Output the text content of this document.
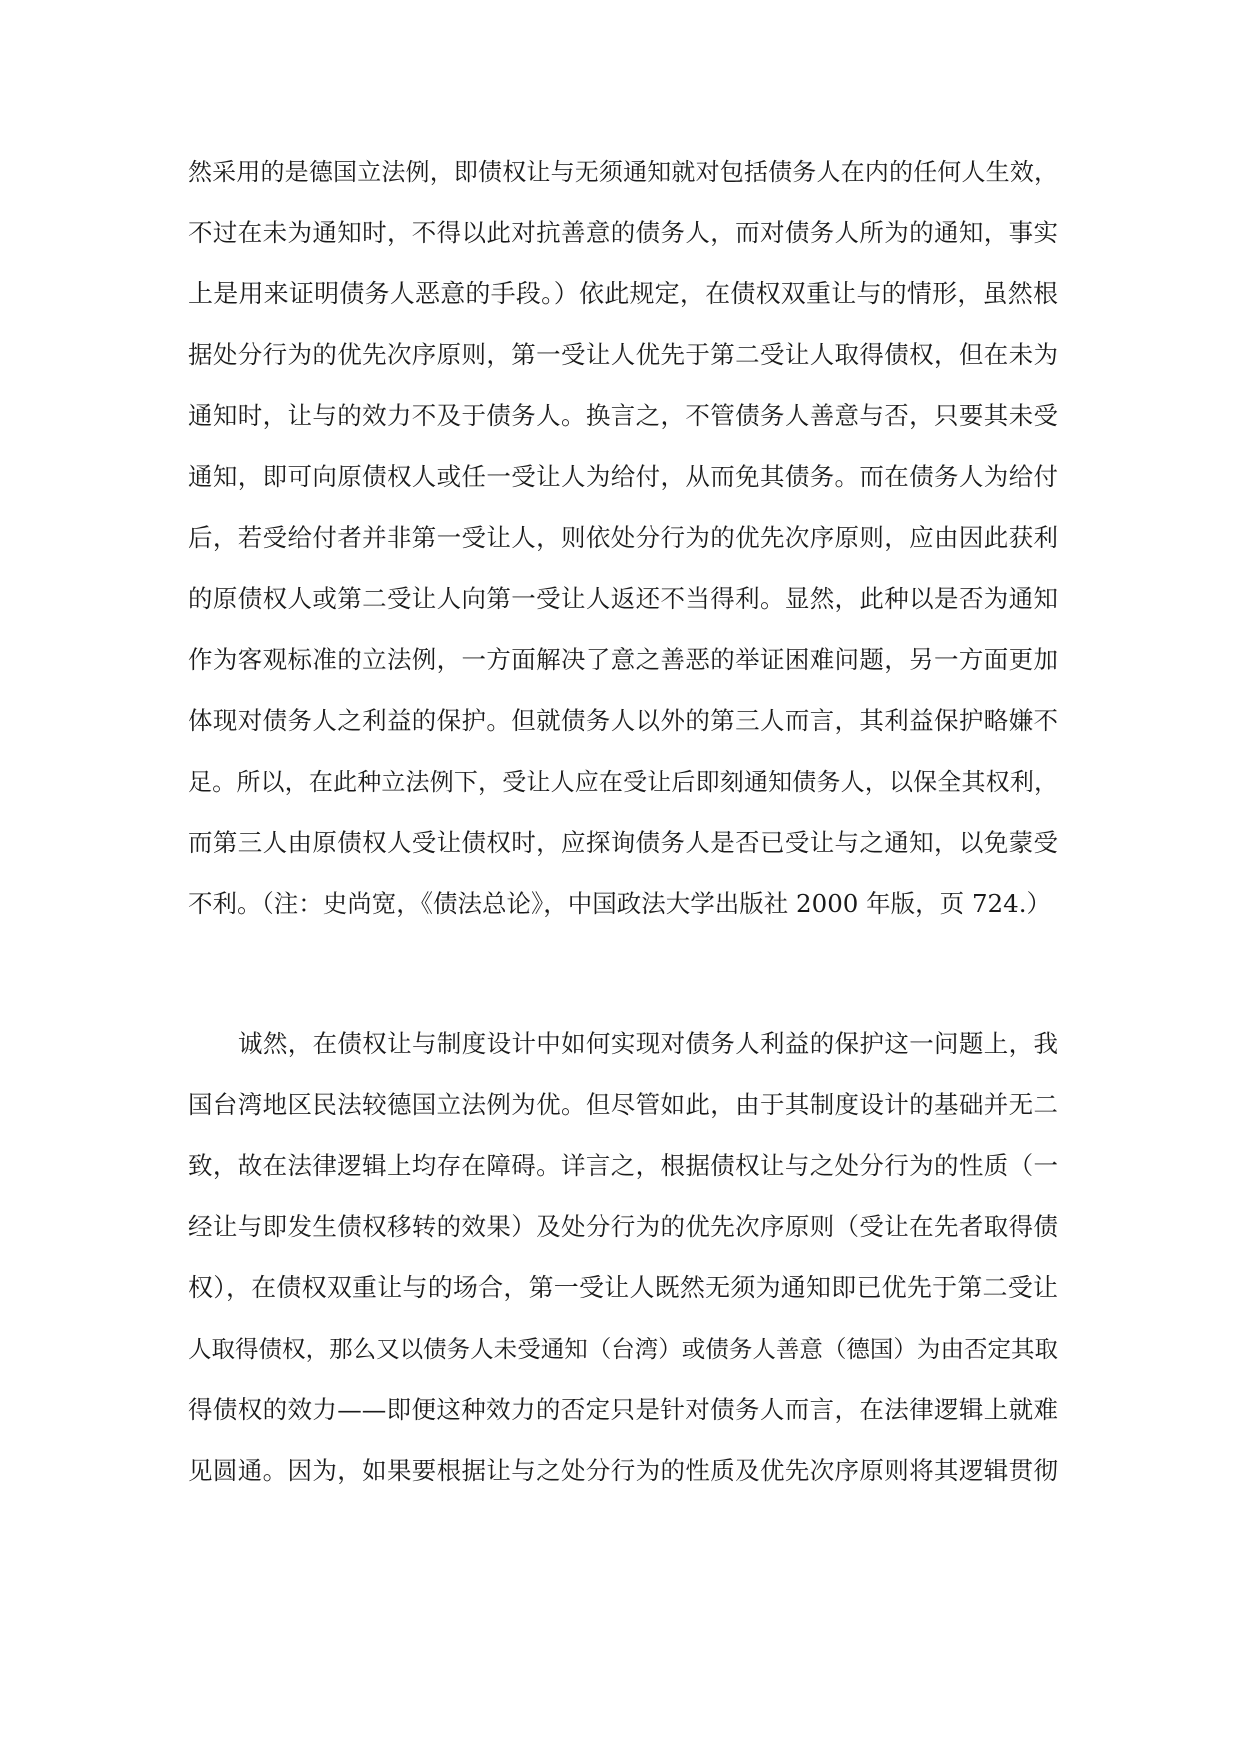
然采用的是德国立法例，即债权让与无须通知就对包括债务人在内的任何人生效，
不过在未为通知时，不得以此对抗善意的债务人，而对债务人所为的通知，事实
上是用来证明债务人恶意的手段。）依此规定，在债权双重让与的情形，虽然根
据处分行为的优先次序原则，第一受让人优先于第二受让人取得债权，但在未为
通知时，让与的效力不及于债务人。换言之，不管债务人善意与否，只要其未受
通知，即可向原债权人或任一受让人为给付，从而免其债务。而在债务人为给付
后，若受给付者并非第一受让人，则依处分行为的优先次序原则，应由因此获利
的原债权人或第二受让人向第一受让人返还不当得利。显然，此种以是否为通知
作为客观标准的立法例，一方面解决了意之善恶的举证困难问题，另一方面更加
体现对债务人之利益的保护。但就债务人以外的第三人而言，其利益保护略嫌不
足。所以，在此种立法例下，受让人应在受让后即刻通知债务人，以保全其权利，
而第三人由原债权人受让债权时，应探询债务人是否已受让与之通知，以免蒙受
不利。（注：史尚宽，《债法总论》，中国政法大学出版社 2000 年版，页 724.）
诚然，在债权让与制度设计中如何实现对债务人利益的保护这一问题上，我
国台湾地区民法较德国立法例为优。但尽管如此，由于其制度设计的基础并无二
致，故在法律逻辑上均存在障碍。详言之，根据债权让与之处分行为的性质（一
经让与即发生债权移转的效果）及处分行为的优先次序原则（受让在先者取得债
权），在债权双重让与的场合，第一受让人既然无须为通知即已优先于第二受让
人取得债权，那么又以债务人未受通知（台湾）或债务人善意（德国）为由否定其取
得债权的效力——即便这种效力的否定只是针对债务人而言，在法律逻辑上就难
见圆通。因为，如果要根据让与之处分行为的性质及优先次序原则将其逻辑贯彻
